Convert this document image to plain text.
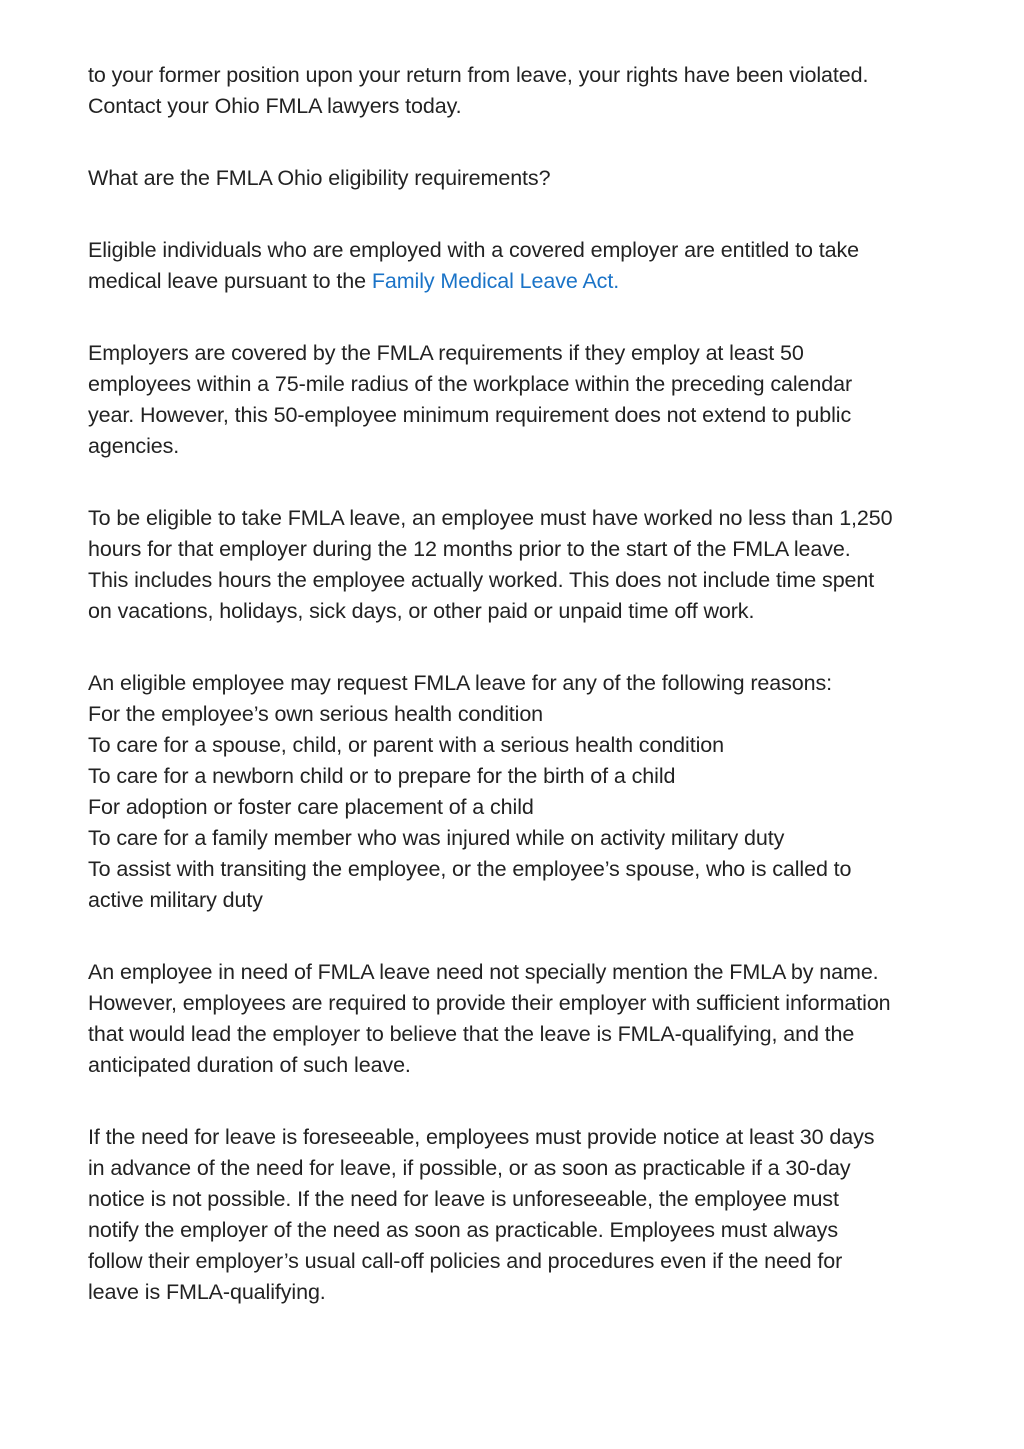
to your former position upon your return from leave, your rights have been violated.
Contact your Ohio FMLA lawyers today.

What are the FMLA Ohio eligibility requirements?

Eligible individuals who are employed with a covered employer are entitled to take
medical leave pursuant to the Family Medical Leave Act.

Employers are covered by the FMLA requirements if they employ at least 50
employees within a 75-mile radius of the workplace within the preceding calendar
year. However, this 50-employee minimum requirement does not extend to public
agencies.

To be eligible to take FMLA leave, an employee must have worked no less than 1,250
hours for that employer during the 12 months prior to the start of the FMLA leave.
This includes hours the employee actually worked. This does not include time spent
on vacations, holidays, sick days, or other paid or unpaid time off work.

An eligible employee may request FMLA leave for any of the following reasons:

For the employee’s own serious health condition
To care for a spouse, child, or parent with a serious health condition
To care for a newborn child or to prepare for the birth of a child
For adoption or foster care placement of a child
To care for a family member who was injured while on activity military duty
To assist with transiting the employee, or the employee’s spouse, who is called to
active military duty

An employee in need of FMLA leave need not specially mention the FMLA by name.
However, employees are required to provide their employer with sufficient information
that would lead the employer to believe that the leave is FMLA-qualifying, and the
anticipated duration of such leave.

If the need for leave is foreseeable, employees must provide notice at least 30 days
in advance of the need for leave, if possible, or as soon as practicable if a 30-day
notice is not possible. If the need for leave is unforeseeable, the employee must
notify the employer of the need as soon as practicable. Employees must always
follow their employer’s usual call-off policies and procedures even if the need for
leave is FMLA-qualifying.
